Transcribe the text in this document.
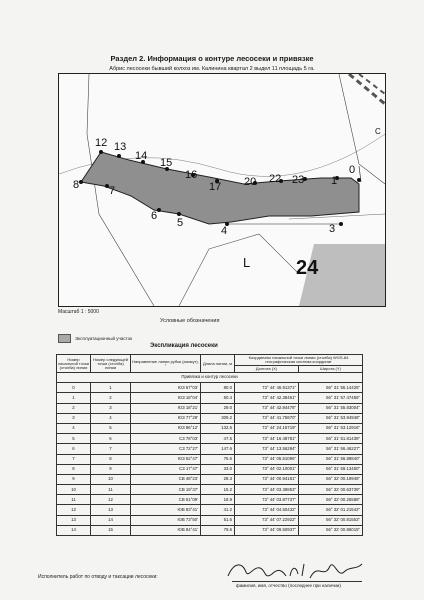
Раздел 2. Информация о контуре лесосеки и привязке
Абрис лесосеки бывший колхоз им. Калинина квартал 2 выдел 11 площадь 5 га.
12 13
14
15
16
17 20 22 23 1
0
8	7
6
5
4	3
24
L
С
Масштаб 1 : 5000
Условные обозначения
Эксплуатационный участок
Экспликация лесосеки
Номер начальной точки (столба) линии	Номер следующей точки (столба) линии	Направление линии рубки (азимут), °	Длина линии, м	Координаты начальной точки линии (столба) WGS-84 географическая система координат	
				Долгота (Х)	Широта (Y)
Привязка и контур лесосеки					
0	1	ЮЗ 67°03'	80.0	73° 44' 46.91371"	56° 31' 56.14425"
1	2	ЮЗ 18°04'	50.4	73° 44' 42.38461"	56° 31' 57.47456"
2	3	ЮЗ 18°21'	29.0	73° 44' 42.84478"	56° 31' 55.83004"
3	4	ЮЗ 77°29'	309.2	73° 44' 41.75870"	56° 31' 53.94948"
4	5	ЮЗ 86°12'	132.5	73° 44' 24.15719"	56° 31' 53.12916"
5	6	СЗ 78°03'	47.5	73° 44' 16.48781"	56° 31' 51.81439"
6	7	СЗ 72°27'	147.6	73° 44' 13.56294"	56° 31' 56.46227"
7	8	ЮЗ 62°47'	75.6	73° 44' 05.51096"	56° 31' 56.88840"
8	9	СЗ 17°47'	33.0	73° 44' 02.10001"	56° 31' 59.13450"
9	10	СВ 48°23'	28.3	73° 44' 00.94181"	56° 32' 00.19948"
10	11	СВ 19°37'	15.2	73° 44' 03.39853"	56° 32' 00.63739"
11	12	СВ 61°09'	18.9	73° 44' 03.87737"	56° 32' 00.25588"
12	13	ЮВ 83°41'	41.2	73° 44' 04.50432"	56° 32' 01.21542"
13	14	ЮВ 73°50'	51.6	73° 44' 07.22922"	56° 32' 00.81553"
14	15	ЮВ 84°41'	79.6	73° 44' 09.50937"	56° 32' 00.86015"
Исполнитель работ по отводу и таксации лесосеки:
фамилия, имя, отчество (последнее при наличии)
